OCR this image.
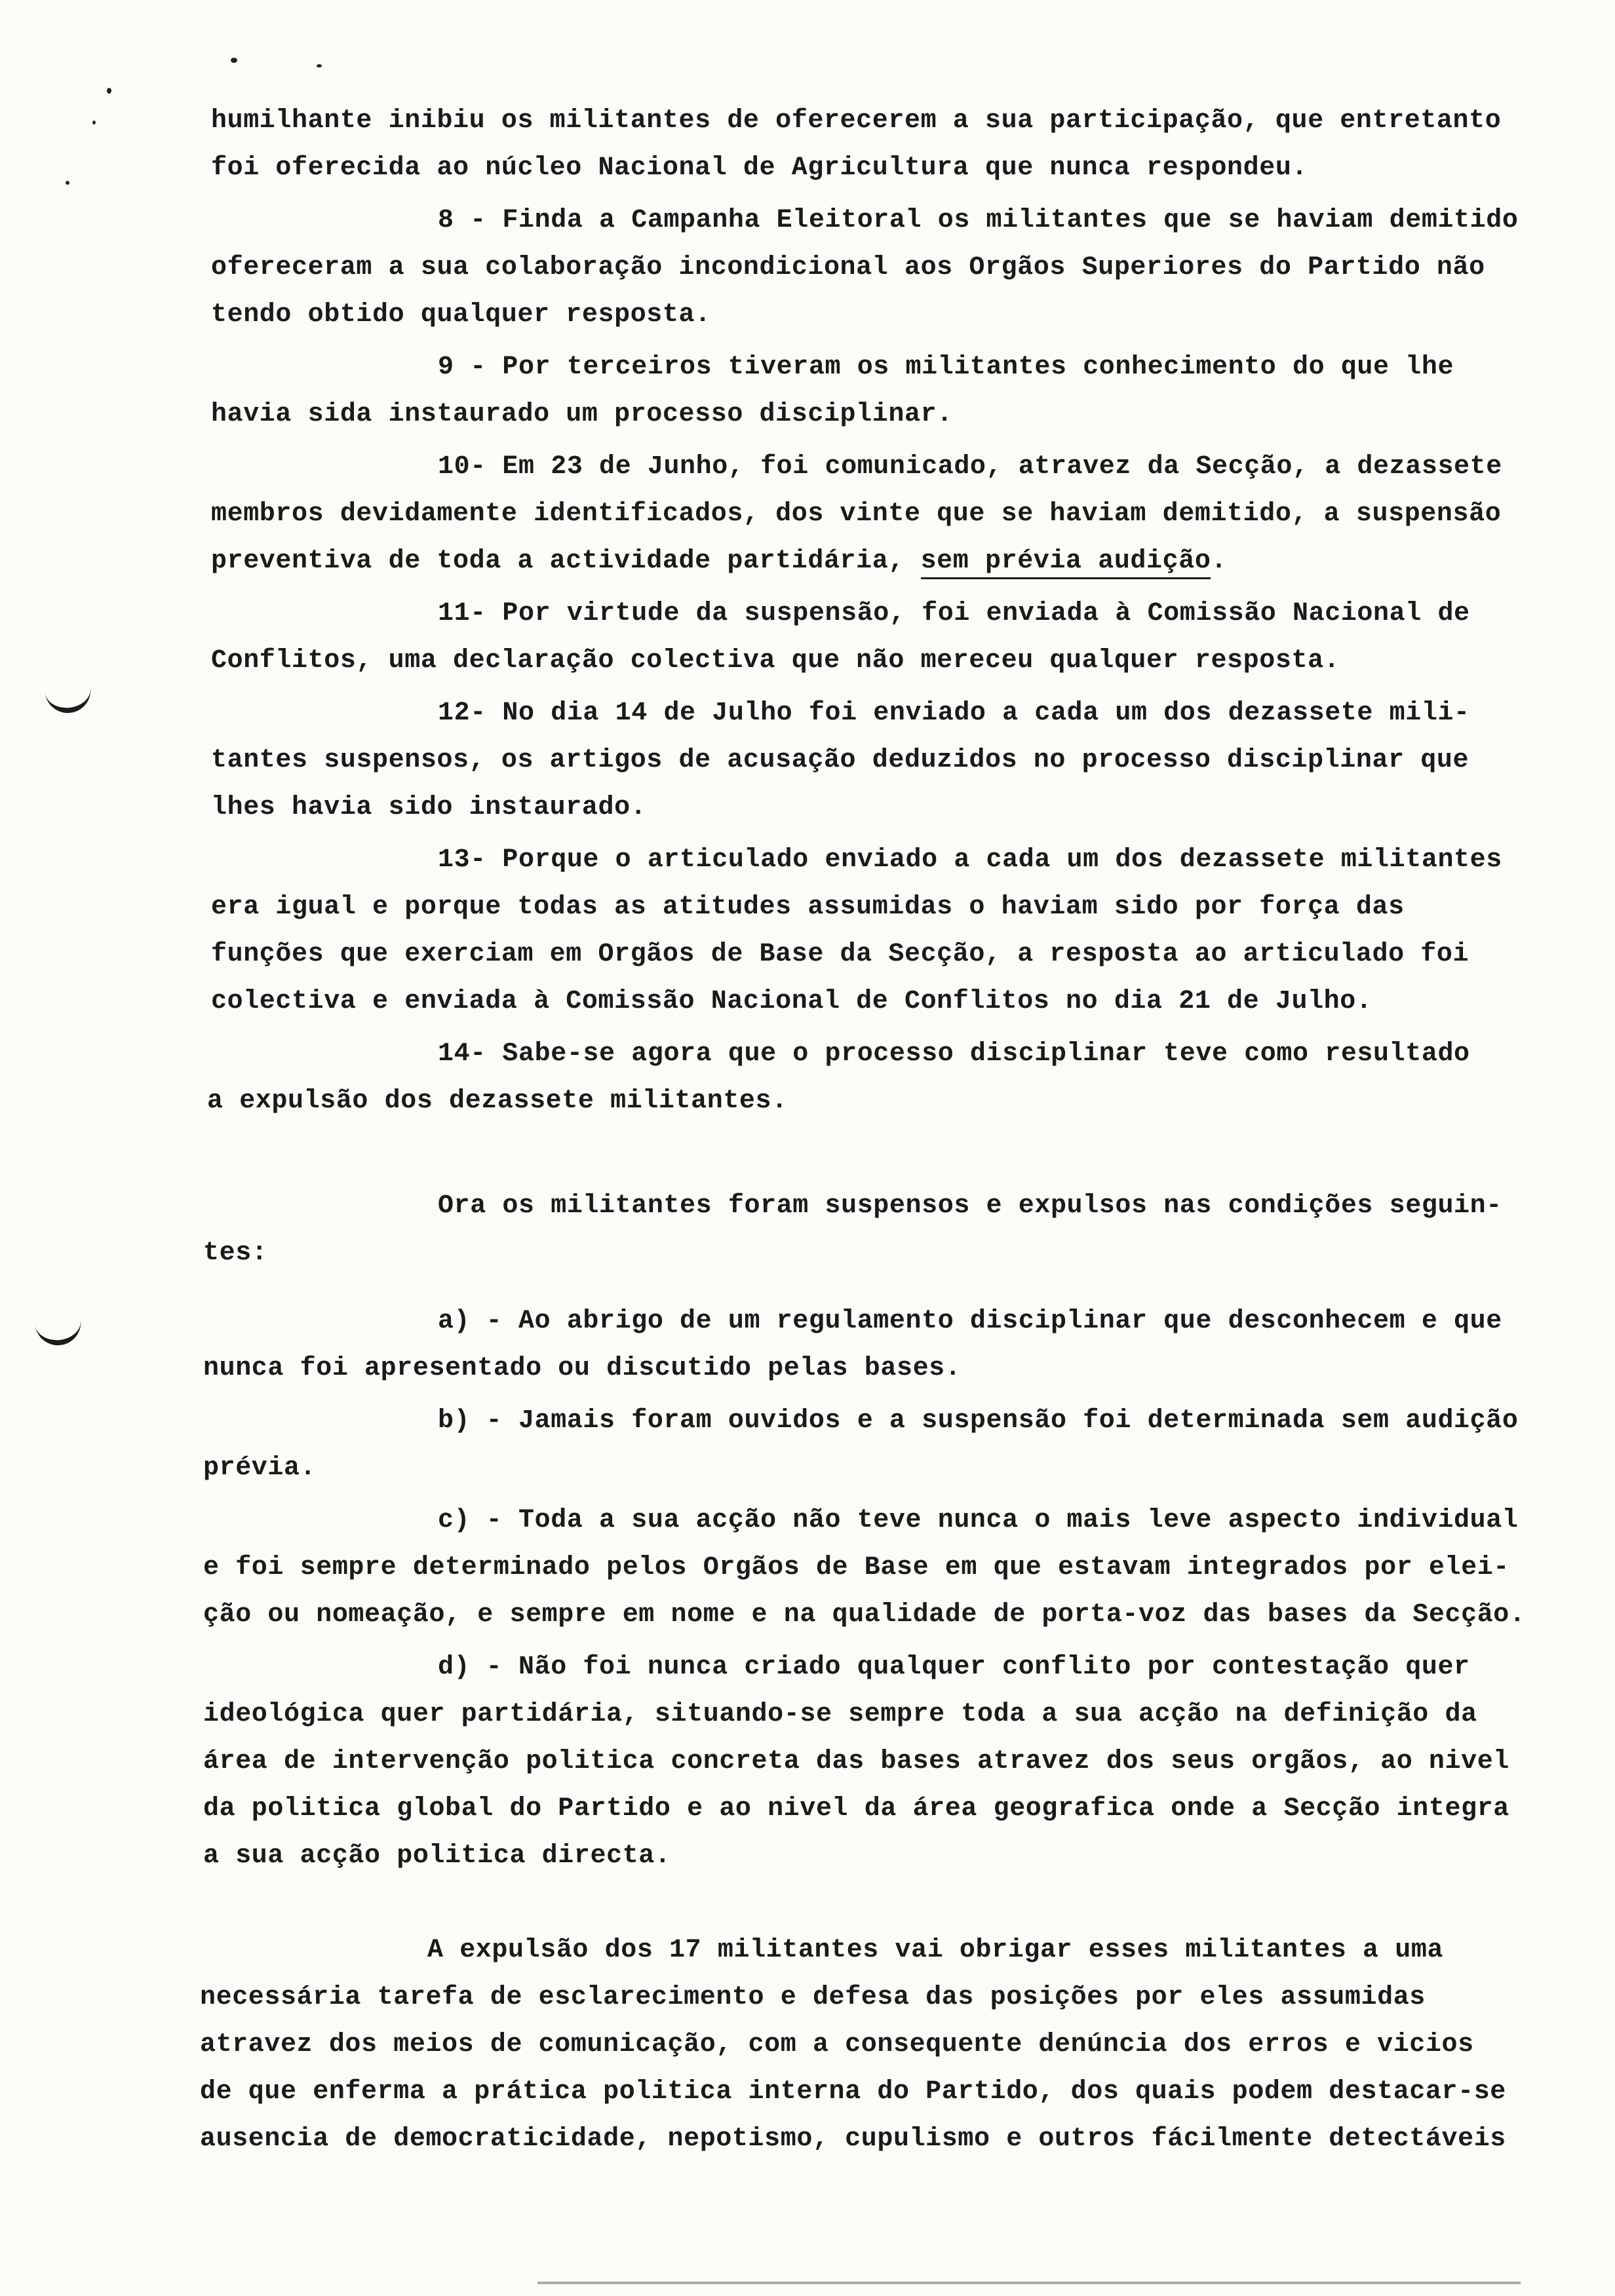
humilhante inibiu os militantes de oferecerem a sua participação, que entretanto
foi oferecida ao núcleo Nacional de Agricultura que nunca respondeu.
8 - Finda a Campanha Eleitoral os militantes que se haviam demitido
ofereceram a sua colaboração incondicional aos Orgãos Superiores do Partido não
tendo obtido qualquer resposta.
9 - Por terceiros tiveram os militantes conhecimento do que lhe
havia sida instaurado um processo disciplinar.
10- Em 23 de Junho, foi comunicado, atravez da Secção, a dezassete
membros devidamente identificados, dos vinte que se haviam demitido, a suspensão
preventiva de toda a actividade partidária, sem prévia audição.
11- Por virtude da suspensão, foi enviada à Comissão Nacional de
Conflitos, uma declaração colectiva que não mereceu qualquer resposta.
12- No dia 14 de Julho foi enviado a cada um dos dezassete mili-
tantes suspensos, os artigos de acusação deduzidos no processo disciplinar que
lhes havia sido instaurado.
13- Porque o articulado enviado a cada um dos dezassete militantes
era igual e porque todas as atitudes assumidas o haviam sido por força das
funções que exerciam em Orgãos de Base da Secção, a resposta ao articulado foi
colectiva e enviada à Comissão Nacional de Conflitos no dia 21 de Julho.
14- Sabe-se agora que o processo disciplinar teve como resultado
a expulsão dos dezassete militantes.
Ora os militantes foram suspensos e expulsos nas condições seguin-
tes:
a) - Ao abrigo de um regulamento disciplinar que desconhecem e que
nunca foi apresentado ou discutido pelas bases.
b) - Jamais foram ouvidos e a suspensão foi determinada sem audição
prévia.
c) - Toda a sua acção não teve nunca o mais leve aspecto individual
e foi sempre determinado pelos Orgãos de Base em que estavam integrados por elei-
ção ou nomeação, e sempre em nome e na qualidade de porta-voz das bases da Secção.
d) - Não foi nunca criado qualquer conflito por contestação quer
ideológica quer partidária, situando-se sempre toda a sua acção na definição da
área de intervenção politica concreta das bases atravez dos seus orgãos, ao nivel
da politica global do Partido e ao nivel da área geografica onde a Secção integra
a sua acção politica directa.
A expulsão dos 17 militantes vai obrigar esses militantes a uma
necessária tarefa de esclarecimento e defesa das posições por eles assumidas
atravez dos meios de comunicação, com a consequente denúncia dos erros e vicios
de que enferma a prática politica interna do Partido, dos quais podem destacar-se
ausencia de democraticidade, nepotismo, cupulismo e outros fácilmente detectáveis
